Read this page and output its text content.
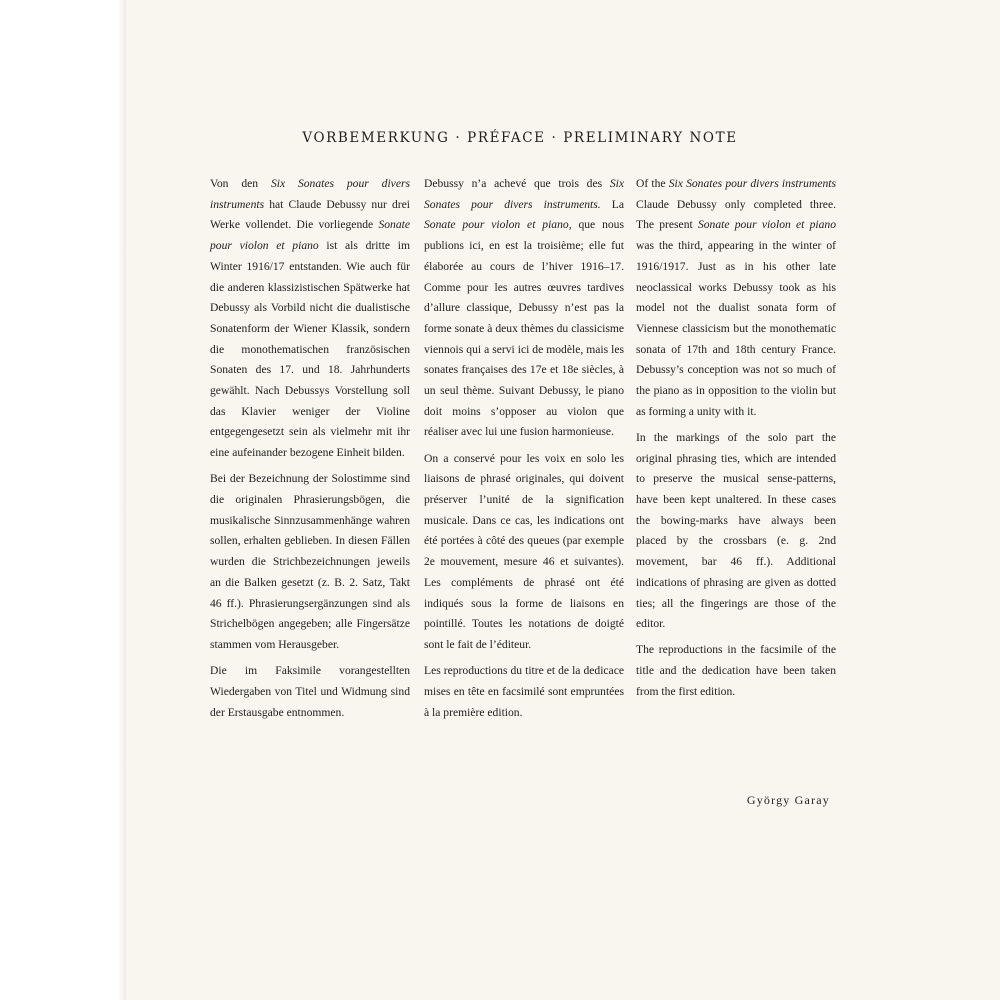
VORBEMERKUNG · PRÉFACE · PRELIMINARY NOTE

Von den Six Sonates pour divers instruments hat Claude Debussy nur drei Werke vollendet. Die vorliegende Sonate pour violon et piano ist als dritte im Winter 1916/17 entstanden. Wie auch für die anderen klassizistischen Spätwerke hat Debussy als Vorbild nicht die dualistische Sonatenform der Wiener Klassik, sondern die monothematischen französischen Sonaten des 17. und 18. Jahrhunderts gewählt. Nach Debussys Vorstellung soll das Klavier weniger der Violine entgegengesetzt sein als vielmehr mit ihr eine aufeinander bezogene Einheit bilden.

Bei der Bezeichnung der Solostimme sind die originalen Phrasierungsbögen, die musikalische Sinnzusammenhänge wahren sollen, erhalten geblieben. In diesen Fällen wurden die Strichbezeichnungen jeweils an die Balken gesetzt (z. B. 2. Satz, Takt 46 ff.). Phrasierungsergänzungen sind als Strichelbögen angegeben; alle Fingersätze stammen vom Herausgeber.

Die im Faksimile vorangestellten Wiedergaben von Titel und Widmung sind der Erstausgabe entnommen.

Debussy n’a achevé que trois des Six Sonates pour divers instruments. La Sonate pour violon et piano, que nous publions ici, en est la troisième; elle fut élaborée au cours de l’hiver 1916–17. Comme pour les autres œuvres tardives d’allure classique, Debussy n’est pas la forme sonate à deux thèmes du classicisme viennois qui a servi ici de modèle, mais les sonates françaises des 17e et 18e siècles, à un seul thème. Suivant Debussy, le piano doit moins s’opposer au violon que réaliser avec lui une fusion harmonieuse.

On a conservé pour les voix en solo les liaisons de phrasé originales, qui doivent préserver l’unité de la signification musicale. Dans ce cas, les indications ont été portées à côté des queues (par exemple 2e mouvement, mesure 46 et suivantes). Les compléments de phrasé ont été indiqués sous la forme de liaisons en pointillé. Toutes les notations de doigté sont le fait de l’éditeur.

Les reproductions du titre et de la dedicace mises en tête en facsimilé sont empruntées à la première edition.

Of the Six Sonates pour divers instruments Claude Debussy only completed three. The present Sonate pour violon et piano was the third, appearing in the winter of 1916/1917. Just as in his other late neoclassical works Debussy took as his model not the dualist sonata form of Viennese classicism but the monothematic sonata of 17th and 18th century France. Debussy’s conception was not so much of the piano as in opposition to the violin but as forming a unity with it.

In the markings of the solo part the original phrasing ties, which are intended to preserve the musical sense-patterns, have been kept unaltered. In these cases the bowing-marks have always been placed by the crossbars (e. g. 2nd movement, bar 46 ff.). Additional indications of phrasing are given as dotted ties; all the fingerings are those of the editor.

The reproductions in the facsimile of the title and the dedication have been taken from the first edition.

György Garay
